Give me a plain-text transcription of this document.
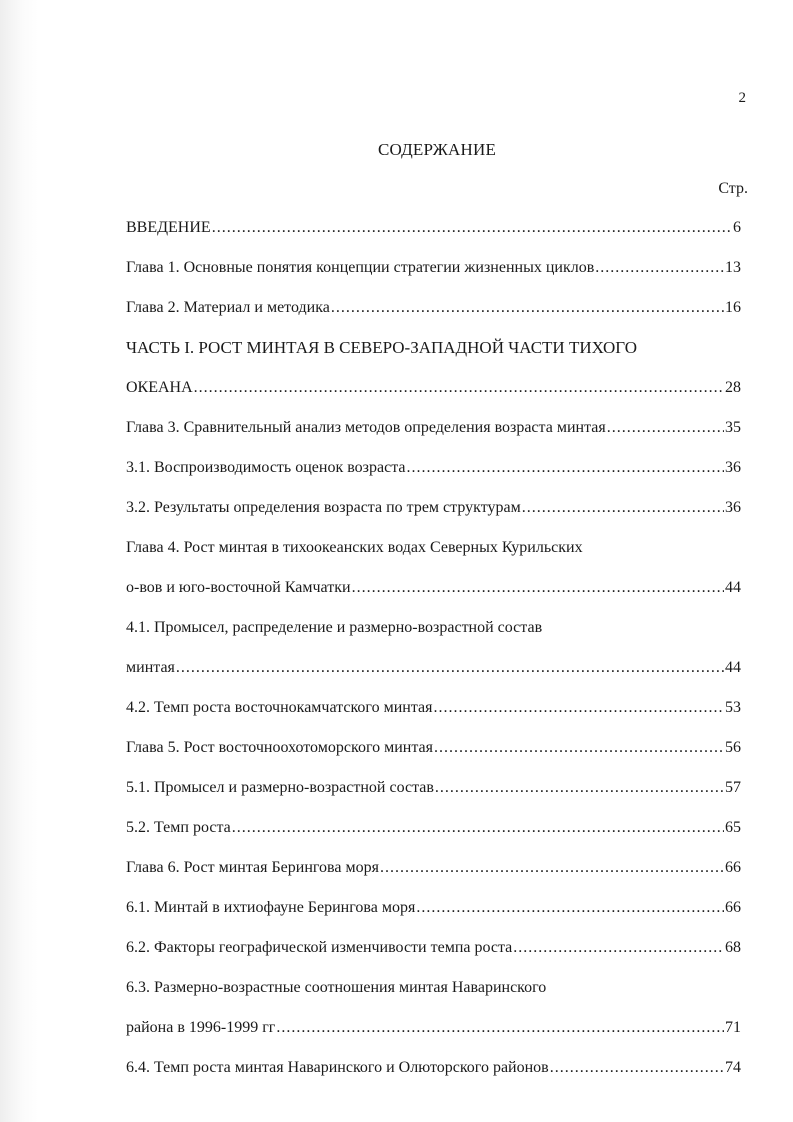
2
СОДЕРЖАНИЕ
Стр.
ВВЕДЕНИЕ .....	6
Глава 1. Основные понятия концепции стратегии жизненных циклов .....	13
Глава 2. Материал и методика .....	16
ЧАСТЬ I. РОСТ МИНТАЯ В СЕВЕРО-ЗАПАДНОЙ ЧАСТИ ТИХОГО
ОКЕАНА .....	28
Глава 3. Сравнительный анализ методов определения возраста минтая .....	35
3.1. Воспроизводимость оценок возраста .....	36
3.2. Результаты определения возраста по трем структурам .....	36
Глава 4. Рост минтая в тихоокеанских водах Северных Курильских
о-вов и юго-восточной Камчатки .....	44
4.1. Промысел, распределение и размерно-возрастной состав
минтая .....	44
4.2. Темп роста восточнокамчатского минтая .....	53
Глава 5. Рост восточноохотоморского минтая .....	56
5.1. Промысел и размерно-возрастной состав .....	57
5.2. Темп роста .....	65
Глава 6. Рост минтая Берингова моря .....	66
6.1. Минтай в ихтиофауне Берингова моря .....	66
6.2. Факторы географической изменчивости темпа роста .....	68
6.3. Размерно-возрастные соотношения минтая Наваринского
района в 1996-1999 гг .....	71
6.4. Темп роста минтая Наваринского и Олюторского районов .....	74
